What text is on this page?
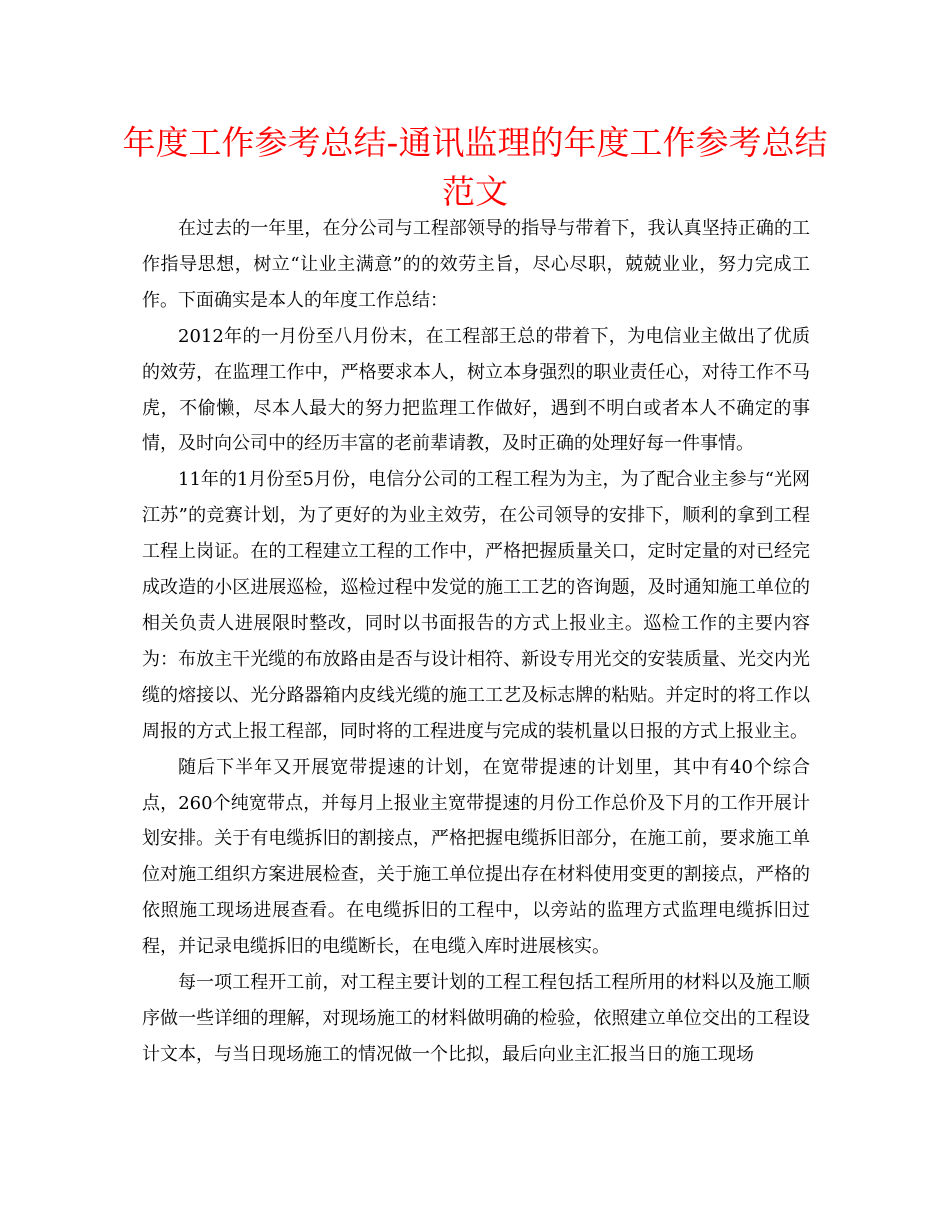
年度工作参考总结-通讯监理的年度工作参考总结范文

在过去的一年里，在分公司与工程部领导的指导与带着下，我认真坚持正确的工作指导思想，树立“让业主满意”的的效劳主旨，尽心尽职，兢兢业业，努力完成工作。下面确实是本人的年度工作总结：

2012年的一月份至八月份末，在工程部王总的带着下，为电信业主做出了优质的效劳，在监理工作中，严格要求本人，树立本身强烈的职业责任心，对待工作不马虎，不偷懒，尽本人最大的努力把监理工作做好，遇到不明白或者本人不确定的事情，及时向公司中的经历丰富的老前辈请教，及时正确的处理好每一件事情。

11年的1月份至5月份，电信分公司的工程工程为为主，为了配合业主参与“光网江苏”的竞赛计划，为了更好的为业主效劳，在公司领导的安排下，顺利的拿到工程工程上岗证。在的工程建立工程的工作中，严格把握质量关口，定时定量的对已经完成改造的小区进展巡检，巡检过程中发觉的施工工艺的咨询题，及时通知施工单位的相关负责人进展限时整改，同时以书面报告的方式上报业主。巡检工作的主要内容为：布放主干光缆的布放路由是否与设计相符、新设专用光交的安装质量、光交内光缆的熔接以、光分路器箱内皮线光缆的施工工艺及标志牌的粘贴。并定时的将工作以周报的方式上报工程部，同时将的工程进度与完成的装机量以日报的方式上报业主。

随后下半年又开展宽带提速的计划，在宽带提速的计划里，其中有40个综合点，260个纯宽带点，并每月上报业主宽带提速的月份工作总价及下月的工作开展计划安排。关于有电缆拆旧的割接点，严格把握电缆拆旧部分，在施工前，要求施工单位对施工组织方案进展检查，关于施工单位提出存在材料使用变更的割接点，严格的依照施工现场进展查看。在电缆拆旧的工程中，以旁站的监理方式监理电缆拆旧过程，并记录电缆拆旧的电缆断长，在电缆入库时进展核实。

每一项工程开工前，对工程主要计划的工程工程包括工程所用的材料以及施工顺序做一些详细的理解，对现场施工的材料做明确的检验，依照建立单位交出的工程设计文本，与当日现场施工的情况做一个比拟，最后向业主汇报当日的施工现场
